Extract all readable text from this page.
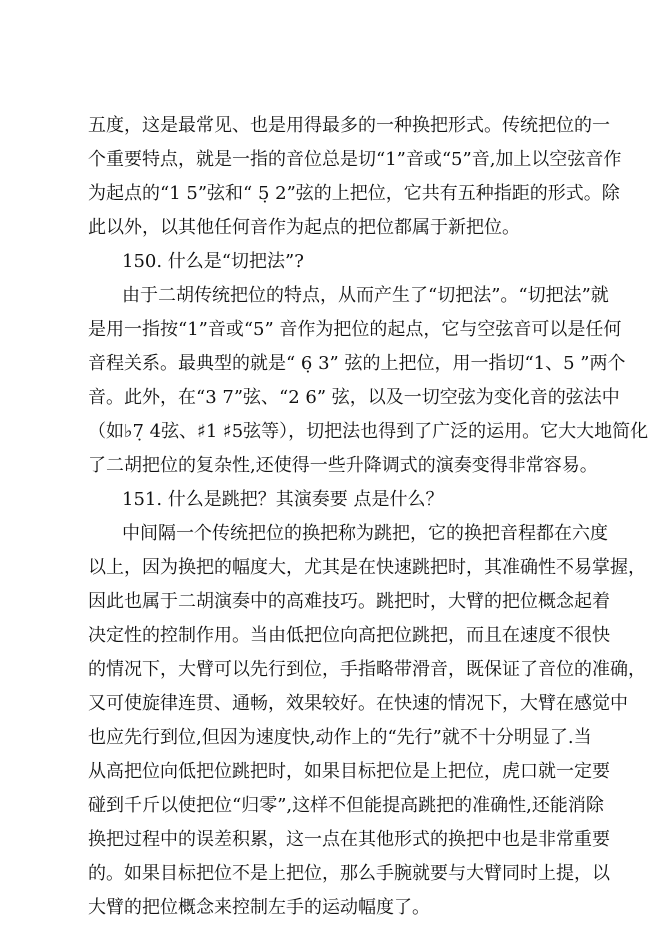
五度，这是最常见、也是用得最多的一种换把形式。传统把位的一
个重要特点，就是一指的音位总是切“1”音或“5”音,加上以空弦音作
为起点的“1 5”弦和“ 5̣ 2”弦的上把位，它共有五种指距的形式。除
此以外，以其他任何音作为起点的把位都属于新把位。
150. 什么是“切把法”?
由于二胡传统把位的特点，从而产生了“切把法”。“切把法”就
是用一指按“1”音或“5” 音作为把位的起点，它与空弦音可以是任何
音程关系。最典型的就是“ 6̣ 3” 弦的上把位，用一指切“1、5 ”两个
音。此外，在“3 7”弦、“2 6” 弦，以及一切空弦为变化音的弦法中
（如♭7̣ 4弦、♯1 ♯5弦等），切把法也得到了广泛的运用。它大大地简化
了二胡把位的复杂性,还使得一些升降调式的演奏变得非常容易。
151. 什么是跳把？其演奏要 点是什么？
中间隔一个传统把位的换把称为跳把，它的换把音程都在六度
以上，因为换把的幅度大，尤其是在快速跳把时，其准确性不易掌握，
因此也属于二胡演奏中的高难技巧。跳把时，大臂的把位概念起着
决定性的控制作用。当由低把位向高把位跳把，而且在速度不很快
的情况下，大臂可以先行到位，手指略带滑音，既保证了音位的准确，
又可使旋律连贯、通畅，效果较好。在快速的情况下，大臂在感觉中
也应先行到位,但因为速度快,动作上的“先行”就不十分明显了.当
从高把位向低把位跳把时，如果目标把位是上把位，虎口就一定要
碰到千斤以使把位“归零”,这样不但能提高跳把的准确性,还能消除
换把过程中的误差积累，这一点在其他形式的换把中也是非常重要
的。如果目标把位不是上把位，那么手腕就要与大臂同时上提，以
大臂的把位概念来控制左手的运动幅度了。
